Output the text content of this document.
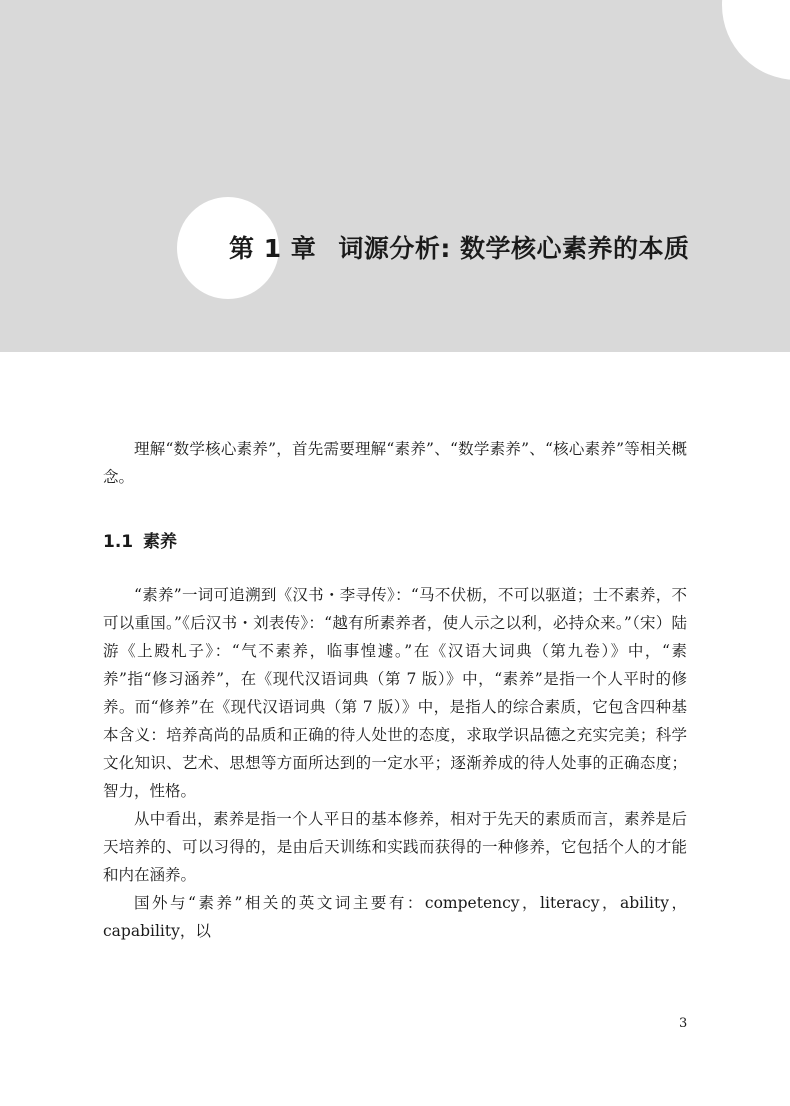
第 1 章 词源分析: 数学核心素养的本质

理解“数学核心素养”，首先需要理解“素养”、“数学素养”、“核心素养”等相关概念。

1.1 素养

“素养”一词可追溯到《汉书・李寻传》：“马不伏枥，不可以驱道；士不素养，不可以重国。”《后汉书・刘表传》：“越有所素养者，使人示之以利，必持众来。”（宋）陆游《上殿札子》：“气不素养，临事惶遽。”在《汉语大词典（第九卷）》中，“素养”指“修习涵养”，在《现代汉语词典（第 7 版）》中，“素养”是指一个人平时的修养。而“修养”在《现代汉语词典（第 7 版）》中，是指人的综合素质，它包含四种基本含义：培养高尚的品质和正确的待人处世的态度，求取学识品德之充实完美；科学文化知识、艺术、思想等方面所达到的一定水平；逐渐养成的待人处事的正确态度；智力，性格。

从中看出，素养是指一个人平日的基本修养，相对于先天的素质而言，素养是后天培养的、可以习得的，是由后天训练和实践而获得的一种修养，它包括个人的才能和内在涵养。

国外与“素养”相关的英文词主要有：competency，literacy，ability，capability，以

3
